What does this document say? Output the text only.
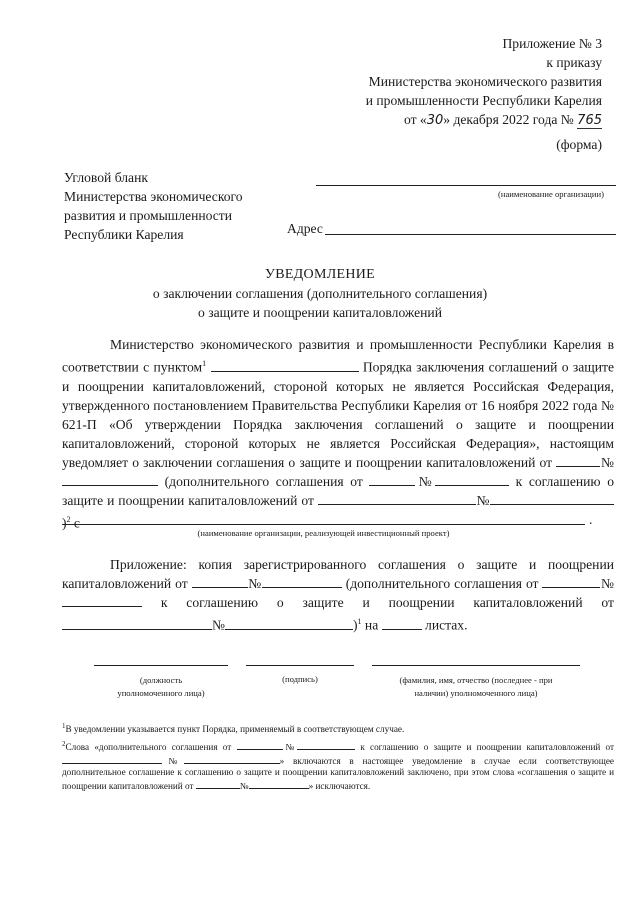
Приложение № 3
к приказу
Министерства экономического развития
и промышленности Республики Карелия
от «30» декабря 2022 года № 765
(форма)
Угловой бланк
Министерства экономического
развития и промышленности
Республики Карелия
(наименование организации)
Адрес
УВЕДОМЛЕНИЕ
о заключении соглашения (дополнительного соглашения)
о защите и поощрении капиталовложений

Министерство экономического развития и промышленности Республики Карелия в соответствии с пунктом$^1$	Порядка заключения соглашений о защите и поощрении капиталовложений, стороной которых не является Российская Федерация, утвержденного постановлением Правительства Республики Карелия от 16 ноября 2022 года № 621-П «Об утверждении Порядка заключения соглашений о защите и поощрении капиталовложений, стороной которых не является Российская Федерация», настоящим уведомляет о заключении соглашения о защите и поощрении капиталовложений от	№ (дополнительного соглашения от	№	к соглашению о защите и поощрении капиталовложений от	№)$^2$ с	.
(наименование организации, реализующей инвестиционный проект)

Приложение: копия зарегистрированного соглашения о защите и поощрении капиталовложений от	№	(дополнительного соглашения от	№ к соглашению о защите и поощрении капиталовложений от №	)$^1$ на	листах.

(должность
уполномоченного лица)
(подпись)	(фамилия, имя, отчество (последнее - при
наличии) уполномоченного лица)
$^1$В уведомлении указывается пункт Порядка, применяемый в соответствующем случае.
$^2$Слова «дополнительного соглашения от	№	к соглашению о защите и поощрении капиталовложений от №	» включаются в настоящее уведомление в случае если соответствующее дополнительное соглашение к соглашению о защите и поощрении капиталовложений заключено, при этом слова «соглашения о защите и поощрении капиталовложений от	№	» исключаются.
